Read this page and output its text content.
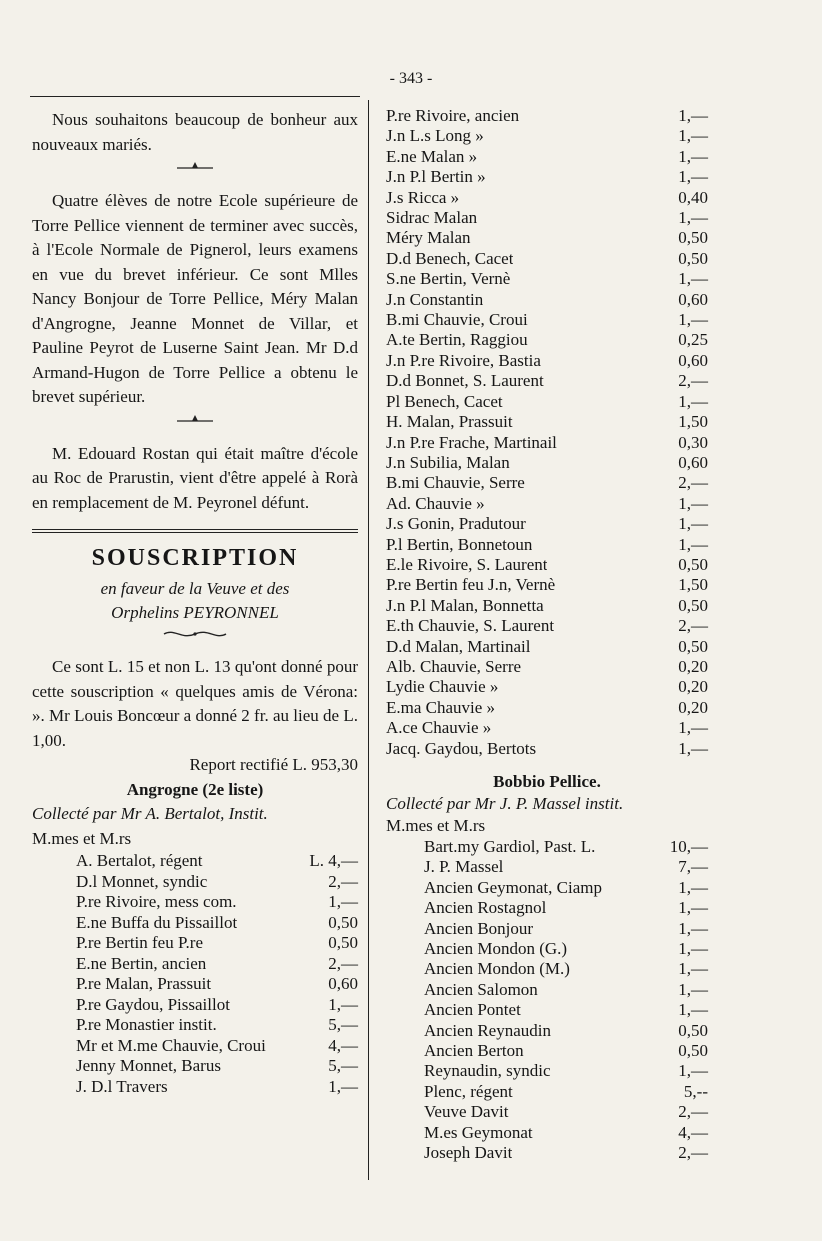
- 343 -

Nous souhaitons beaucoup de bonheur aux nouveaux mariés.

Quatre élèves de notre Ecole supérieure de Torre Pellice viennent de terminer avec succès, à l'Ecole Normale de Pignerol, leurs examens en vue du brevet inférieur. Ce sont Mlles Nancy Bonjour de Torre Pellice, Méry Malan d'Angrogne, Jeanne Monnet de Villar, et Pauline Peyrot de Luserne Saint Jean. Mr D.d Armand-Hugon de Torre Pellice a obtenu le brevet supérieur.

M. Edouard Rostan qui était maître d'école au Roc de Prarustin, vient d'être appelé à Rorà en remplacement de M. Peyronel défunt.

SOUSCRIPTION

en faveur de la Veuve et des

Orphelins PEYRONNEL

Ce sont L. 15 et non L. 13 qu'ont donné pour cette souscription « quelques amis de Vérona: ». Mr Louis Boncœur a donné 2 fr. au lieu de L. 1,00.

Report rectifié L. 953,30

Angrogne (2e liste)

Collecté par Mr A. Bertalot, Instit.

M.mes et M.rs

A. Bertalot, régent	L. 4,—
D.l Monnet, syndic	2,—
P.re Rivoire, mess com.	1,—
E.ne Buffa du Pissaillot	0,50
P.re Bertin feu P.re	0,50
E.ne Bertin, ancien	2,—
P.re Malan, Prassuit	0,60
P.re Gaydou, Pissaillot	1,—
P.re Monastier instit.	5,—
Mr et M.me Chauvie, Croui	4,—
Jenny Monnet, Barus	5,—
J. D.l Travers	1,—
P.re Rivoire, ancien	1,—
J.n L.s Long »	1,—
E.ne Malan »	1,—
J.n P.l Bertin »	1,—
J.s Ricca »	0,40
Sidrac Malan	1,—
Méry Malan	0,50
D.d Benech, Cacet	0,50
S.ne Bertin, Vernè	1,—
J.n Constantin	0,60
B.mi Chauvie, Croui	1,—
A.te Bertin, Raggiou	0,25
J.n P.re Rivoire, Bastia	0,60
D.d Bonnet, S. Laurent	2,—
Pl Benech, Cacet	1,—
H. Malan, Prassuit	1,50
J.n P.re Frache, Martinail	0,30
J.n Subilia, Malan	0,60
B.mi Chauvie, Serre	2,—
Ad. Chauvie »	1,—
J.s Gonin, Pradutour	1,—
P.l Bertin, Bonnetoun	1,—
E.le Rivoire, S. Laurent	0,50
P.re Bertin feu J.n, Vernè	1,50
J.n P.l Malan, Bonnetta	0,50
E.th Chauvie, S. Laurent	2,—
D.d Malan, Martinail	0,50
Alb. Chauvie, Serre	0,20
Lydie Chauvie »	0,20
E.ma Chauvie »	0,20
A.ce Chauvie »	1,—
Jacq. Gaydou, Bertots	1,—

Bobbio Pellice.

Collecté par Mr J. P. Massel instit.

M.mes et M.rs

Bart.my Gardiol, Past. L.	10,—
J. P. Massel	7,—
Ancien Geymonat, Ciamp	1,—
Ancien Rostagnol	1,—
Ancien Bonjour	1,—
Ancien Mondon (G.)	1,—
Ancien Mondon (M.)	1,—
Ancien Salomon	1,—
Ancien Pontet	1,—
Ancien Reynaudin	0,50
Ancien Berton	0,50
Reynaudin, syndic	1,—
Plenc, régent	5,--
Veuve Davit	2,—
M.es Geymonat	4,—
Joseph Davit	2,—
